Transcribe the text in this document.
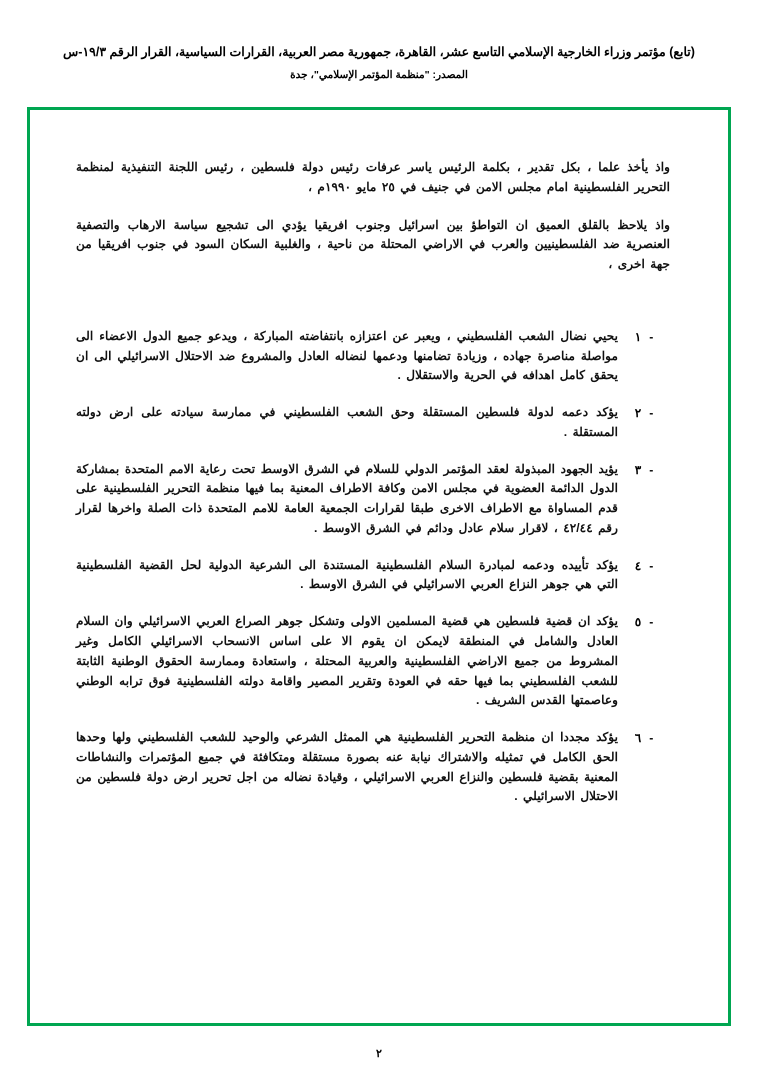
(تابع) مؤتمر وزراء الخارجية الإسلامي التاسع عشر، القاهرة، جمهورية مصر العربية، القرارات السياسية، القرار الرقم ١٩/٣-س
المصدر: "منظمة المؤتمر الإسلامي"، جدة

واذ يأخذ علما ، بكل تقدير ، بكلمة الرئيس ياسر عرفات رئيس دولة فلسطين ، رئيس اللجنة التنفيذية لمنظمة التحرير الفلسطينية امام مجلس الامن في جنيف في ٢٥ مايو ١٩٩٠م ،

واذ يلاحظ بالقلق العميق ان التواطؤ بين اسرائيل وجنوب افريقيا يؤدي الى تشجيع سياسة الارهاب والتصفية العنصرية ضد الفلسطينيين والعرب في الاراضي المحتلة من ناحية ، والغلبية السكان السود في جنوب افريقيا من جهة اخرى ،

-١
يحيي نضال الشعب الفلسطيني ، ويعبر عن اعتزازه بانتفاضته المباركة ، ويدعو جميع الدول الاعضاء الى مواصلة مناصرة جهاده ، وزيادة تضامنها ودعمها لنضاله العادل والمشروع ضد الاحتلال الاسرائيلي الى ان يحقق كامل اهدافه في الحرية والاستقلال .
-٢
يؤكد دعمه لدولة فلسطين المستقلة وحق الشعب الفلسطيني في ممارسة سيادته على ارض دولته المستقلة .
-٣
يؤيد الجهود المبذولة لعقد المؤتمر الدولي للسلام في الشرق الاوسط تحت رعاية الامم المتحدة بمشاركة الدول الدائمة العضوية في مجلس الامن وكافة الاطراف المعنية بما فيها منظمة التحرير الفلسطينية على قدم المساواة مع الاطراف الاخرى طبقا لقرارات الجمعية العامة للامم المتحدة ذات الصلة واخرها لقرار رقم ٤٢/٤٤ ، لاقرار سلام عادل ودائم في الشرق الاوسط .
-٤
يؤكد تأييده ودعمه لمبادرة السلام الفلسطينية المستندة الى الشرعية الدولية لحل القضية الفلسطينية التي هي جوهر النزاع العربي الاسرائيلي في الشرق الاوسط .
-٥
يؤكد ان قضية فلسطين هي قضية المسلمين الاولى وتشكل جوهر الصراع العربي الاسرائيلي وان السلام العادل والشامل في المنطقة لايمكن ان يقوم الا على اساس الانسحاب الاسرائيلي الكامل وغير المشروط من جميع الاراضي الفلسطينية والعربية المحتلة ، واستعادة وممارسة الحقوق الوطنية الثابتة للشعب الفلسطيني بما فيها حقه في العودة وتقرير المصير واقامة دولته الفلسطينية فوق ترابه الوطني وعاصمتها القدس الشريف .
-٦
يؤكد مجددا ان منظمة التحرير الفلسطينية هي الممثل الشرعي والوحيد للشعب الفلسطيني ولها وحدها الحق الكامل في تمثيله والاشتراك نيابة عنه بصورة مستقلة ومتكافئة في جميع المؤتمرات والنشاطات المعنية بقضية فلسطين والنزاع العربي الاسرائيلي ، وقيادة نضاله من اجل تحرير ارض دولة فلسطين من الاحتلال الاسرائيلي .
٢
